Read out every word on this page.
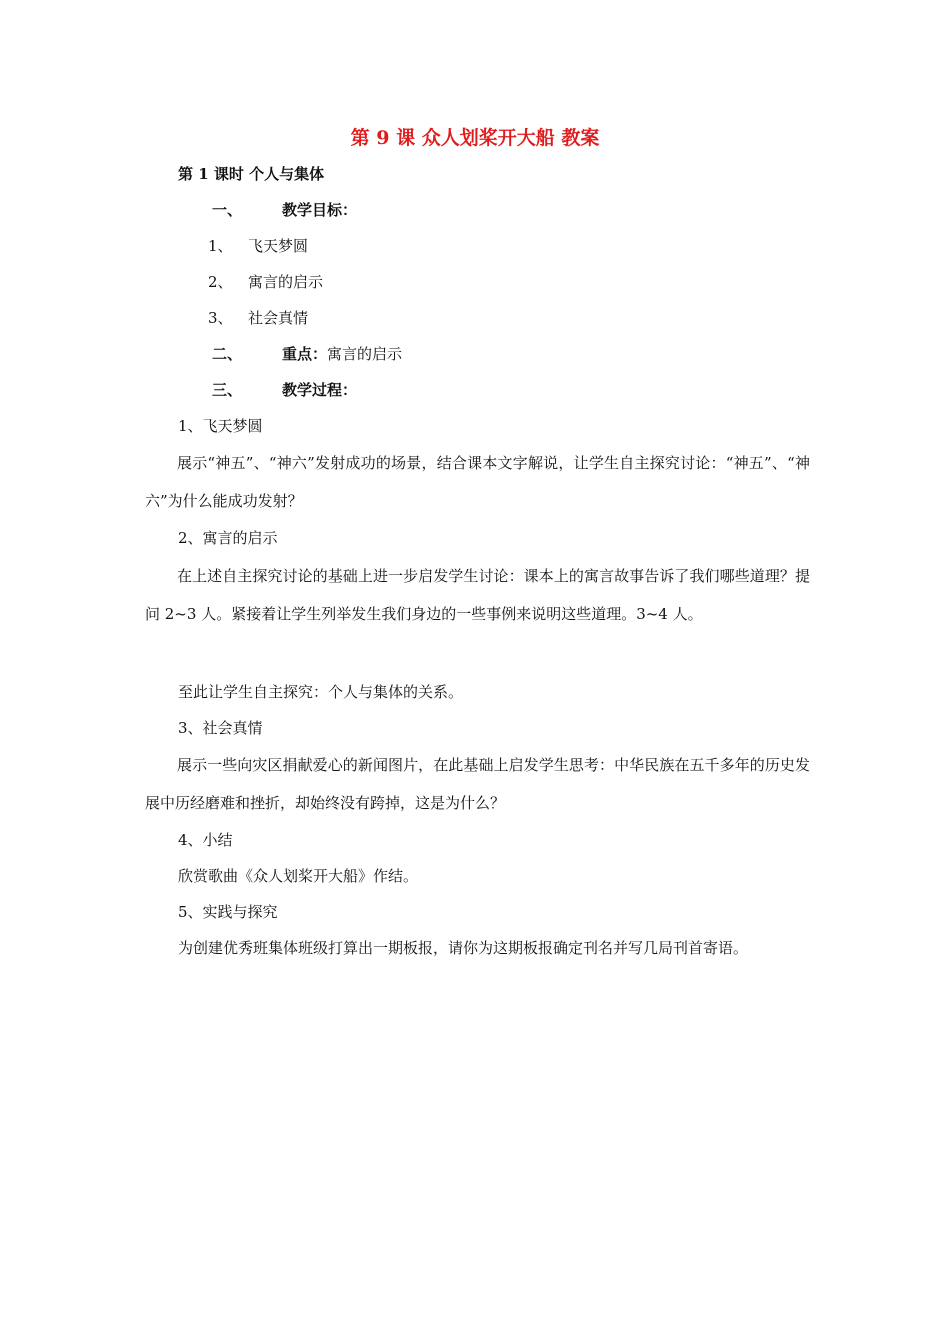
第 9 课 众人划桨开大船 教案
第 1 课时 个人与集体
一、	教学目标：
1、 飞天梦圆
2、 寓言的启示
3、 社会真情
二、	重点：寓言的启示
三、	教学过程：
1、飞天梦圆
展示“神五”、“神六”发射成功的场景，结合课本文字解说，让学生自主探究讨论：“神五”、“神六”为什么能成功发射？
2、寓言的启示
在上述自主探究讨论的基础上进一步启发学生讨论：课本上的寓言故事告诉了我们哪些道理？提问 2~3 人。紧接着让学生列举发生我们身边的一些事例来说明这些道理。3~4 人。
至此让学生自主探究：个人与集体的关系。
3、社会真情
展示一些向灾区捐献爱心的新闻图片，在此基础上启发学生思考：中华民族在五千多年的历史发展中历经磨难和挫折，却始终没有跨掉，这是为什么？
4、小结
欣赏歌曲《众人划桨开大船》作结。
5、实践与探究
为创建优秀班集体班级打算出一期板报，请你为这期板报确定刊名并写几局刊首寄语。
